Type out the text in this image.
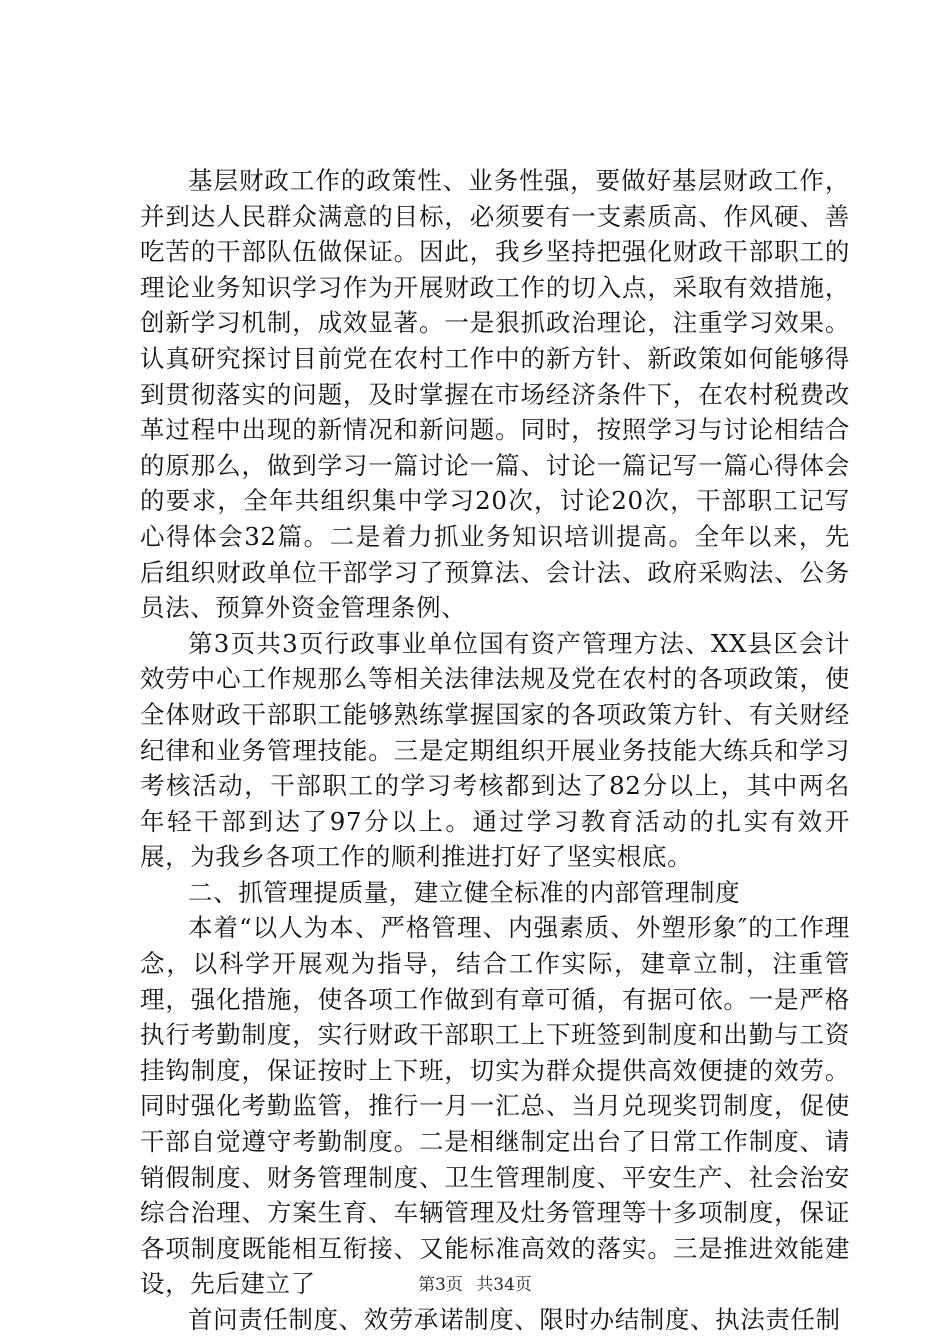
基层财政工作的政策性、业务性强，要做好基层财政工作，并到达人民群众满意的目标，必须要有一支素质高、作风硬、善吃苦的干部队伍做保证。因此，我乡坚持把强化财政干部职工的理论业务知识学习作为开展财政工作的切入点，采取有效措施，创新学习机制，成效显著。一是狠抓政治理论，注重学习效果。认真研究探讨目前党在农村工作中的新方针、新政策如何能够得到贯彻落实的问题，及时掌握在市场经济条件下，在农村税费改革过程中出现的新情况和新问题。同时，按照学习与讨论相结合的原那么，做到学习一篇讨论一篇、讨论一篇记写一篇心得体会的要求，全年共组织集中学习20次，讨论20次，干部职工记写心得体会32篇。二是着力抓业务知识培训提高。全年以来，先后组织财政单位干部学习了预算法、会计法、政府采购法、公务员法、预算外资金管理条例、

第3页共3页行政事业单位国有资产管理方法、XX县区会计效劳中心工作规那么等相关法律法规及党在农村的各项政策，使全体财政干部职工能够熟练掌握国家的各项政策方针、有关财经纪律和业务管理技能。三是定期组织开展业务技能大练兵和学习考核活动，干部职工的学习考核都到达了82分以上，其中两名年轻干部到达了97分以上。通过学习教育活动的扎实有效开展，为我乡各项工作的顺利推进打好了坚实根底。

二、抓管理提质量，建立健全标准的内部管理制度

本着“以人为本、严格管理、内强素质、外塑形象″的工作理念，以科学开展观为指导，结合工作实际，建章立制，注重管理，强化措施，使各项工作做到有章可循，有据可依。一是严格执行考勤制度，实行财政干部职工上下班签到制度和出勤与工资挂钩制度，保证按时上下班，切实为群众提供高效便捷的效劳。同时强化考勤监管，推行一月一汇总、当月兑现奖罚制度，促使干部自觉遵守考勤制度。二是相继制定出台了日常工作制度、请销假制度、财务管理制度、卫生管理制度、平安生产、社会治安综合治理、方案生育、车辆管理及灶务管理等十多项制度，保证各项制度既能相互衔接、又能标准高效的落实。三是推进效能建设，先后建立了

首问责任制度、效劳承诺制度、限时办结制度、执法责任制

第3页 共34页
